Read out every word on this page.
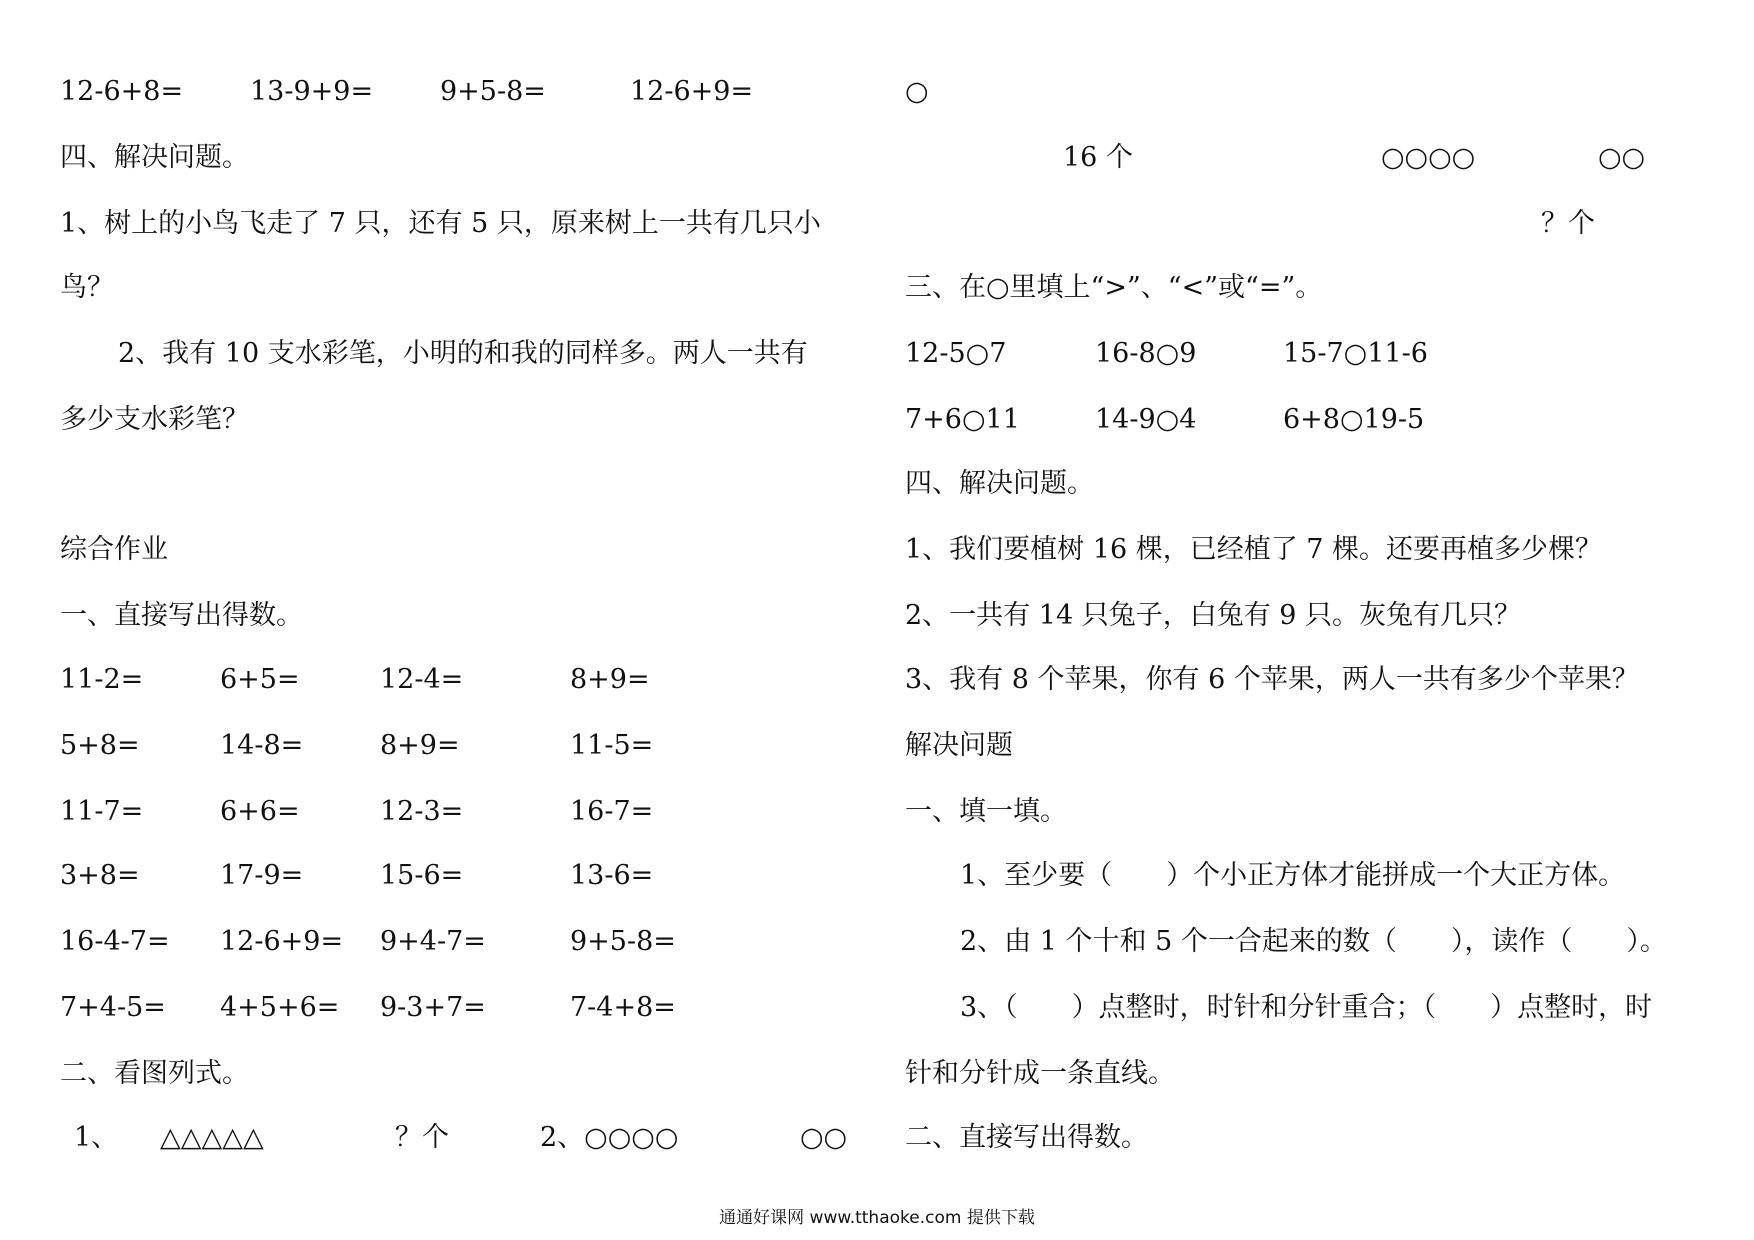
12-6+8= 13-9+9= 9+5-8=	12-6+9=
四、解决问题。
1、树上的小鸟飞走了 7 只，还有 5 只，原来树上一共有几只小
鸟？
2、我有 10 支水彩笔，小明的和我的同样多。两人一共有
多少支水彩笔？
综合作业
一、直接写出得数。
11-2=	6+5=	12-4=	8+9=
5+8=	14-8=	8+9=	11-5=
11-7=	6+6=	12-3=	16-7=
3+8=	17-9=	15-6=	13-6=
16-4-7= 12-6+9= 9+4-7=	9+5-8=
7+4-5= 4+5+6= 9-3+7=	7-4+8=
二、看图列式。
1、 △△△△△	？个	2、○○○○	○○
○
16 个	○○○○	○○
？个
三、在○里填上“>”、“<”或“=”。
12-5○7	16-8○9	15-7○11-6
7+6○11	14-9○4	6+8○19-5
四、解决问题。
1、我们要植树 16 棵，已经植了 7 棵。还要再植多少棵？
2、一共有 14 只兔子，白兔有 9 只。灰兔有几只？
3、我有 8 个苹果，你有 6 个苹果，两人一共有多少个苹果？
解决问题
一、填一填。
1、至少要（　　）个小正方体才能拼成一个大正方体。
2、由 1 个十和 5 个一合起来的数（　　），读作（　　）。
3、（　　）点整时，时针和分针重合；（　　）点整时，时
针和分针成一条直线。
二、直接写出得数。
通通好课网 www.tthaoke.com 提供下载
